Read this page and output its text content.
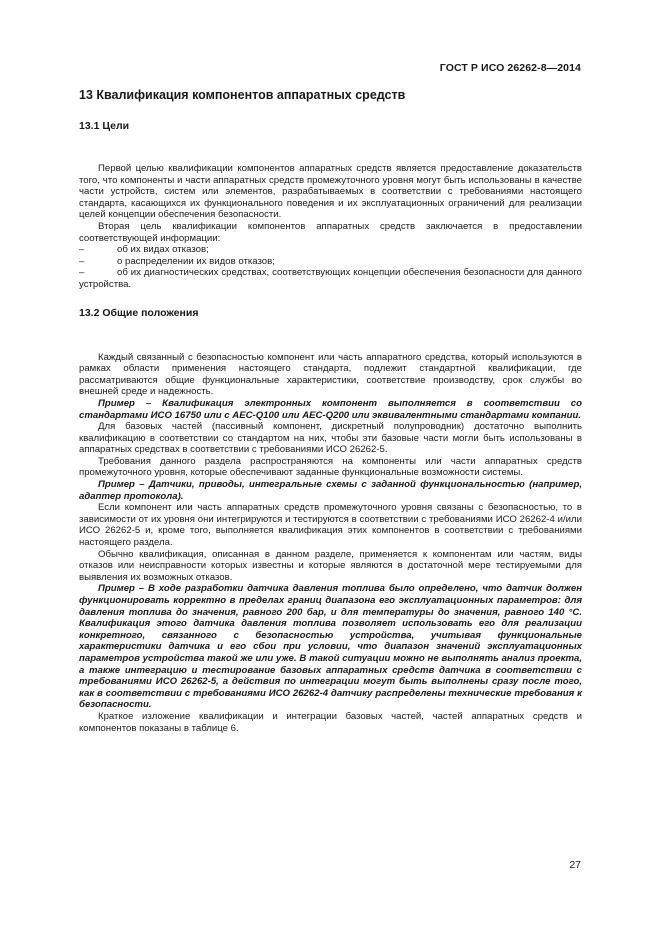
ГОСТ Р ИСО 26262-8—2014
13 Квалификация компонентов аппаратных средств
13.1 Цели

Первой целью квалификации компонентов аппаратных средств является предоставление доказательств того, что компоненты и части аппаратных средств промежуточного уровня могут быть использованы в качестве части устройств, систем или элементов, разрабатываемых в соответствии с требованиями настоящего стандарта, касающихся их функционального поведения и их эксплуатационных ограничений для реализации целей концепции обеспечения безопасности.

Вторая цель квалификации компонентов аппаратных средств заключается в предоставлении соответствующей информации:

–	об их видах отказов;
–	о распределении их видов отказов;
–	об их диагностических средствах, соответствующих концепции обеспечения безопасности для данного устройства.
13.2 Общие положения

Каждый связанный с безопасностью компонент или часть аппаратного средства, который используются в рамках области применения настоящего стандарта, подлежит стандартной квалификации, где рассматриваются общие функциональные характеристики, соответствие производству, срок службы во внешней среде и надежность.

Пример – Квалификация электронных компонент выполняется в соответствии со стандартами ИСО 16750 или с AEC-Q100 или AEC-Q200 или эквивалентными стандартами компании.

Для базовых частей (пассивный компонент, дискретный полупроводник) достаточно выполнить квалификацию в соответствии со стандартом на них, чтобы эти базовые части могли быть использованы в аппаратных средствах в соответствии с требованиями ИСО 26262-5.

Требования данного раздела распространяются на компоненты или части аппаратных средств промежуточного уровня, которые обеспечивают заданные функциональные возможности системы.

Пример – Датчики, приводы, интегральные схемы с заданной функциональностью (например, адаптер протокола).

Если компонент или часть аппаратных средств промежуточного уровня связаны с безопасностью, то в зависимости от их уровня они интегрируются и тестируются в соответствии с требованиями ИСО 26262-4 и/или ИСО 26262-5 и, кроме того, выполняется квалификация этих компонентов в соответствии с требованиями настоящего раздела.

Обычно квалификация, описанная в данном разделе, применяется к компонентам или частям, виды отказов или неисправности которых известны и которые являются в достаточной мере тестируемыми для выявления их возможных отказов.

Пример – В ходе разработки датчика давления топлива было определено, что датчик должен функционировать корректно в пределах границ диапазона его эксплуатационных параметров: для давления топлива до значения, равного 200 бар, и для температуры до значения, равного 140 °С. Квалификация этого датчика давления топлива позволяет использовать его для реализации конкретного, связанного с безопасностью устройства, учитывая функциональные характеристики датчика и его сбои при условии, что диапазон значений эксплуатационных параметров устройства такой же или уже. В такой ситуации можно не выполнять анализ проекта, а также интеграцию и тестирование базовых аппаратных средств датчика в соответствии с требованиями ИСО 26262-5, а действия по интеграции могут быть выполнены сразу после того, как в соответствии с требованиями ИСО 26262-4 датчику распределены технические требования к безопасности.

Краткое изложение квалификации и интеграции базовых частей, частей аппаратных средств и компонентов показаны в таблице 6.

27
